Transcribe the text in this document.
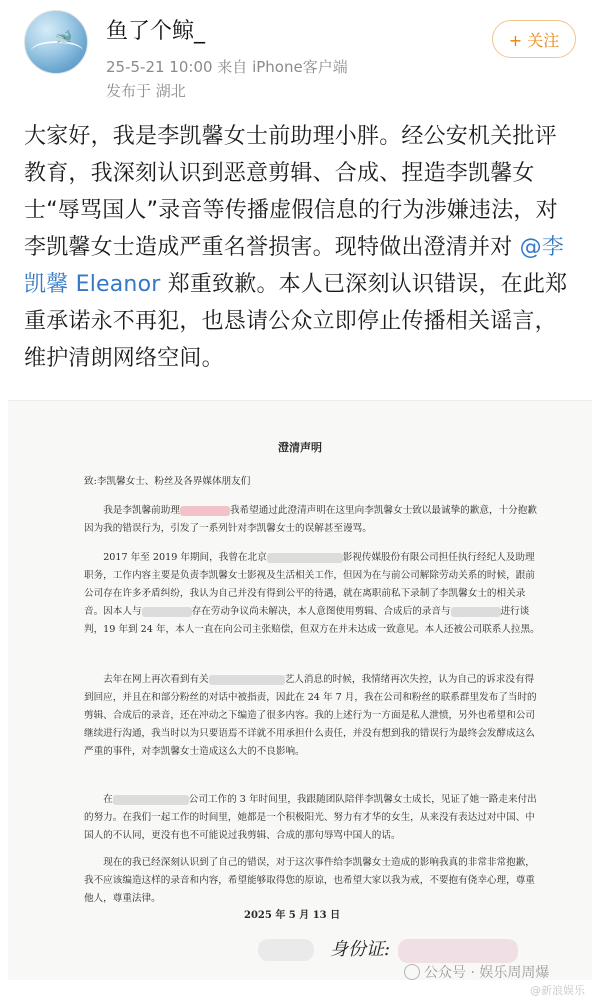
🐋 鱼了个鲸_
25-5-21 10:00 来自 iPhone客户端
发布于 湖北
+ 关注
大家好，我是李凯馨女士前助理小胖。经公安机关批评教育，我深刻认识到恶意剪辑、合成、捏造李凯馨女士“辱骂国人”录音等传播虚假信息的行为涉嫌违法，对李凯馨女士造成严重名誉损害。现特做出澄清并对 @李凯馨 Eleanor 郑重致歉。本人已深刻认识错误，在此郑重承诺永不再犯，也恳请公众立即停止传播相关谣言，维护清朗网络空间。
澄清声明
致:李凯馨女士、粉丝及各界媒体朋友们
我是李凯馨前助理	我希望通过此澄清声明在这里向李凯馨女士致以最诚挚的歉意，十分抱歉因为我的错误行为，引发了一系列针对李凯馨女士的误解甚至谩骂。
2017 年至 2019 年期间，我曾在北京	影视传媒股份有限公司担任执行经纪人及助理职务，工作内容主要是负责李凯馨女士影视及生活相关工作，但因为在与前公司解除劳动关系的时候，跟前公司存在许多矛盾纠纷，我认为自己并没有得到公平的待遇，就在离职前私下录制了李凯馨女士的相关录音。因本人与	存在劳动争议尚未解决，本人意图使用剪辑、合成后的录音与	进行谈判，19 年到 24 年，本人一直在向公司主张赔偿，但双方在并未达成一致意见。本人还被公司联系人拉黑。
去年在网上再次看到有关	艺人消息的时候，我情绪再次失控，认为自己的诉求没有得到回应，并且在和部分粉丝的对话中被指责，因此在 24 年 7 月，我在公司和粉丝的联系群里发布了当时的剪辑、合成后的录音，还在冲动之下编造了很多内容。我的上述行为一方面是私人泄愤，另外也希望和公司继续进行沟通，我当时以为只要语焉不详就不用承担什么责任，并没有想到我的错误行为最终会发酵成这么严重的事件，对李凯馨女士造成这么大的不良影响。
在	公司工作的 3 年时间里，我跟随团队陪伴李凯馨女士成长，见证了她一路走来付出的努力。在我们一起工作的时间里，她都是一个积极阳光、努力有才华的女生，从来没有表达过对中国、中国人的不认同，更没有也不可能说过我剪辑、合成的那句辱骂中国人的话。
现在的我已经深刻认识到了自己的错误，对于这次事件给李凯馨女士造成的影响我真的非常非常抱歉，我不应该编造这样的录音和内容，希望能够取得您的原谅，也希望大家以我为戒，不要抱有侥幸心理，尊重他人，尊重法律。
2025 年 5 月 13 日
身份证:
公众号 · 娱乐周周爆
@新浪娱乐
